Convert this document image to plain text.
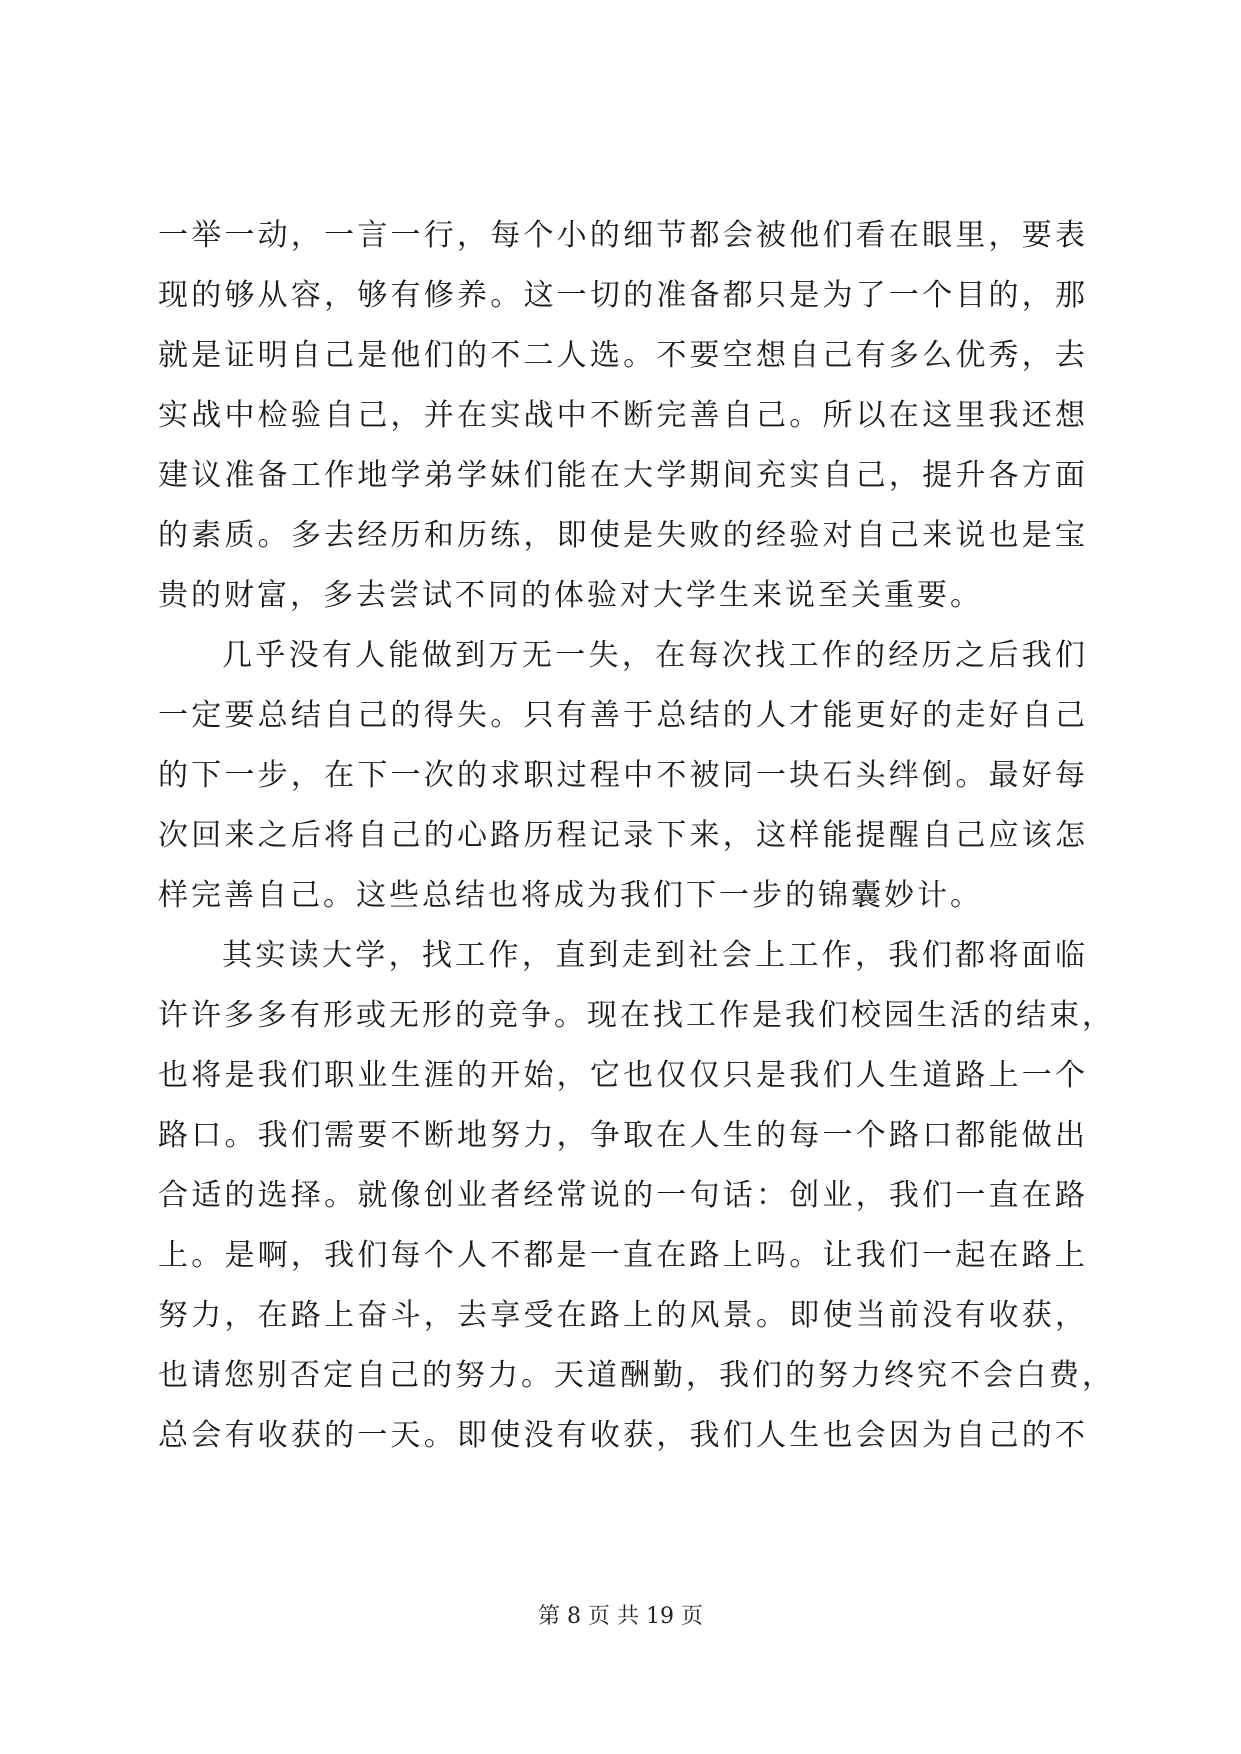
一举一动，一言一行，每个小的细节都会被他们看在眼里，要表
现的够从容，够有修养。这一切的准备都只是为了一个目的，那
就是证明自己是他们的不二人选。不要空想自己有多么优秀，去
实战中检验自己，并在实战中不断完善自己。所以在这里我还想
建议准备工作地学弟学妹们能在大学期间充实自己，提升各方面
的素质。多去经历和历练，即使是失败的经验对自己来说也是宝
贵的财富，多去尝试不同的体验对大学生来说至关重要。
几乎没有人能做到万无一失，在每次找工作的经历之后我们
一定要总结自己的得失。只有善于总结的人才能更好的走好自己
的下一步，在下一次的求职过程中不被同一块石头绊倒。最好每
次回来之后将自己的心路历程记录下来，这样能提醒自己应该怎
样完善自己。这些总结也将成为我们下一步的锦囊妙计。
其实读大学，找工作，直到走到社会上工作，我们都将面临
许许多多有形或无形的竞争。现在找工作是我们校园生活的结束，
也将是我们职业生涯的开始，它也仅仅只是我们人生道路上一个
路口。我们需要不断地努力，争取在人生的每一个路口都能做出
合适的选择。就像创业者经常说的一句话：创业，我们一直在路
上。是啊，我们每个人不都是一直在路上吗。让我们一起在路上
努力，在路上奋斗，去享受在路上的风景。即使当前没有收获，
也请您别否定自己的努力。天道酬勤，我们的努力终究不会白费，
总会有收获的一天。即使没有收获，我们人生也会因为自己的不
第 8 页 共 19 页
